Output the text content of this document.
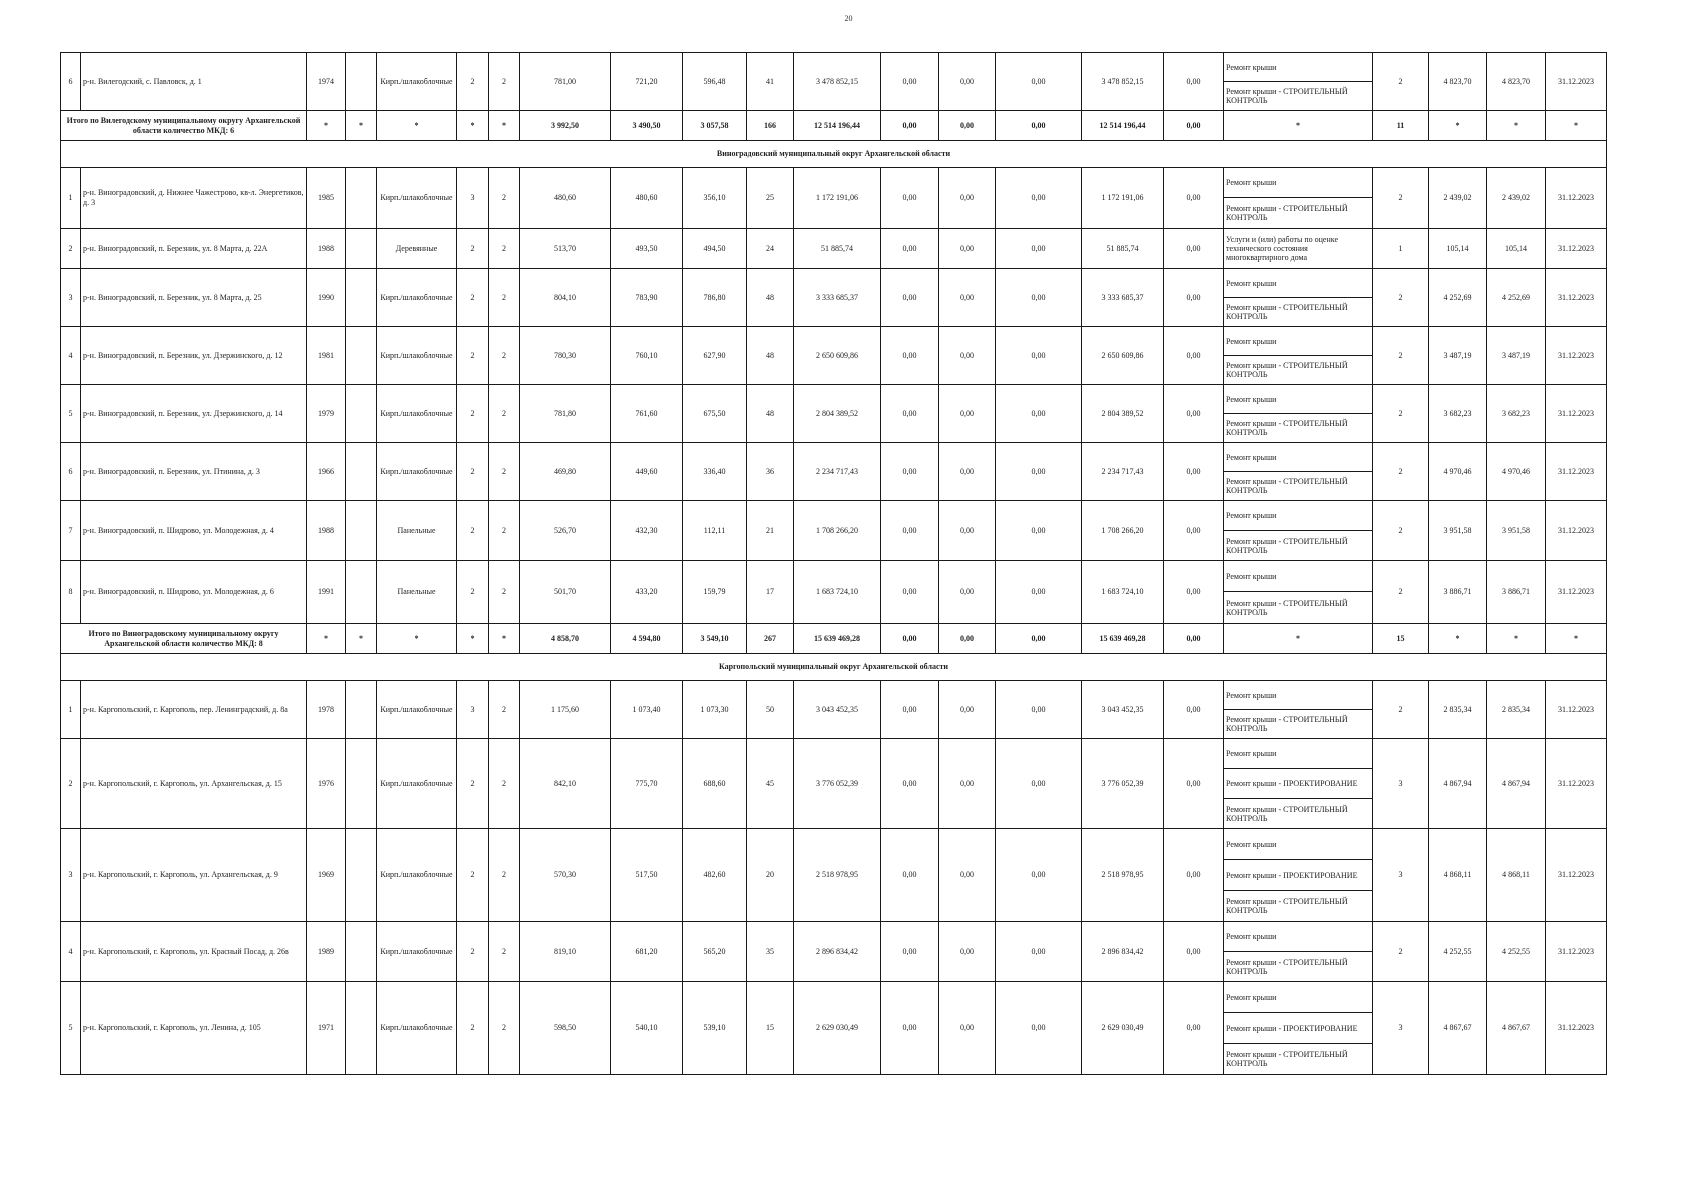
20
6	р-н. Вилегодский, с. Павловск, д. 1	1974		Кирп./шлакоблочные	2	2	781,00	721,20	596,48	41	3 478 852,15	0,00	0,00	0,00	3 478 852,15	0,00	Ремонт крыши	2	4 823,70	4 823,70	31.12.2023
																	Ремонт крыши - СТРОИТЕЛЬНЫЙ КОНТРОЛЬ				
Итого по Вилегодскому муниципальному округу Архангельской области количество МКД: 6		*	*	*	*	*	3 992,50	3 490,50	3 057,58	166	12 514 196,44	0,00	0,00	0,00	12 514 196,44	0,00	*	11	*	*	*
Виноградовский муниципальный округ Архангельской области																					
1	р-н. Виноградовский, д. Нижнее Чажестрово, кв-л. Энергетиков, д. 3	1985		Кирп./шлакоблочные	3	2	480,60	480,60	356,10	25	1 172 191,06	0,00	0,00	0,00	1 172 191,06	0,00	Ремонт крыши	2	2 439,02	2 439,02	31.12.2023
																	Ремонт крыши - СТРОИТЕЛЬНЫЙ КОНТРОЛЬ				
2	р-н. Виноградовский, п. Березник, ул. 8 Марта, д. 22А	1988		Деревянные	2	2	513,70	493,50	494,50	24	51 885,74	0,00	0,00	0,00	51 885,74	0,00	Услуги и (или) работы по оценке технического состояния многоквартирного дома	1	105,14	105,14	31.12.2023
3	р-н. Виноградовский, п. Березник, ул. 8 Марта, д. 25	1990		Кирп./шлакоблочные	2	2	804,10	783,90	786,80	48	3 333 685,37	0,00	0,00	0,00	3 333 685,37	0,00	Ремонт крыши	2	4 252,69	4 252,69	31.12.2023
																	Ремонт крыши - СТРОИТЕЛЬНЫЙ КОНТРОЛЬ				
4	р-н. Виноградовский, п. Березник, ул. Дзержинского, д. 12	1981		Кирп./шлакоблочные	2	2	780,30	760,10	627,90	48	2 650 609,86	0,00	0,00	0,00	2 650 609,86	0,00	Ремонт крыши	2	3 487,19	3 487,19	31.12.2023
																	Ремонт крыши - СТРОИТЕЛЬНЫЙ КОНТРОЛЬ				
5	р-н. Виноградовский, п. Березник, ул. Дзержинского, д. 14	1979		Кирп./шлакоблочные	2	2	781,80	761,60	675,50	48	2 804 389,52	0,00	0,00	0,00	2 804 389,52	0,00	Ремонт крыши	2	3 682,23	3 682,23	31.12.2023
																	Ремонт крыши - СТРОИТЕЛЬНЫЙ КОНТРОЛЬ				
6	р-н. Виноградовский, п. Березник, ул. Птинина, д. 3	1966		Кирп./шлакоблочные	2	2	469,80	449,60	336,40	36	2 234 717,43	0,00	0,00	0,00	2 234 717,43	0,00	Ремонт крыши	2	4 970,46	4 970,46	31.12.2023
																	Ремонт крыши - СТРОИТЕЛЬНЫЙ КОНТРОЛЬ				
7	р-н. Виноградовский, п. Шидрово, ул. Молодежная, д. 4	1988		Панельные	2	2	526,70	432,30	112,11	21	1 708 266,20	0,00	0,00	0,00	1 708 266,20	0,00	Ремонт крыши	2	3 951,58	3 951,58	31.12.2023
																	Ремонт крыши - СТРОИТЕЛЬНЫЙ КОНТРОЛЬ				
8	р-н. Виноградовский, п. Шидрово, ул. Молодежная, д. 6	1991		Панельные	2	2	501,70	433,20	159,79	17	1 683 724,10	0,00	0,00	0,00	1 683 724,10	0,00	Ремонт крыши	2	3 886,71	3 886,71	31.12.2023
																	Ремонт крыши - СТРОИТЕЛЬНЫЙ КОНТРОЛЬ				
Итого по Виноградовскому муниципальному округу Архангельской области количество МКД: 8		*	*	*	*	*	4 858,70	4 594,80	3 549,10	267	15 639 469,28	0,00	0,00	0,00	15 639 469,28	0,00	*	15	*	*	*
Каргопольский муниципальный округ Архангельской области																					
1	р-н. Каргопольский, г. Каргополь, пер. Ленинградский, д. 8а	1978		Кирп./шлакоблочные	3	2	1 175,60	1 073,40	1 073,30	50	3 043 452,35	0,00	0,00	0,00	3 043 452,35	0,00	Ремонт крыши	2	2 835,34	2 835,34	31.12.2023
																	Ремонт крыши - СТРОИТЕЛЬНЫЙ КОНТРОЛЬ				
2	р-н. Каргопольский, г. Каргополь, ул. Архангельская, д. 15	1976		Кирп./шлакоблочные	2	2	842,10	775,70	688,60	45	3 776 052,39	0,00	0,00	0,00	3 776 052,39	0,00	Ремонт крыши	3	4 867,94	4 867,94	31.12.2023
																	Ремонт крыши - ПРОЕКТИРОВАНИЕ				
																	Ремонт крыши - СТРОИТЕЛЬНЫЙ КОНТРОЛЬ				
3	р-н. Каргопольский, г. Каргополь, ул. Архангельская, д. 9	1969		Кирп./шлакоблочные	2	2	570,30	517,50	482,60	20	2 518 978,95	0,00	0,00	0,00	2 518 978,95	0,00	Ремонт крыши	3	4 868,11	4 868,11	31.12.2023
																	Ремонт крыши - ПРОЕКТИРОВАНИЕ				
																	Ремонт крыши - СТРОИТЕЛЬНЫЙ КОНТРОЛЬ				
4	р-н. Каргопольский, г. Каргополь, ул. Красный Посад, д. 26в	1989		Кирп./шлакоблочные	2	2	819,10	681,20	565,20	35	2 896 834,42	0,00	0,00	0,00	2 896 834,42	0,00	Ремонт крыши	2	4 252,55	4 252,55	31.12.2023
																	Ремонт крыши - СТРОИТЕЛЬНЫЙ КОНТРОЛЬ				
5	р-н. Каргопольский, г. Каргополь, ул. Ленина, д. 105	1971		Кирп./шлакоблочные	2	2	598,50	540,10	539,10	15	2 629 030,49	0,00	0,00	0,00	2 629 030,49	0,00	Ремонт крыши	3	4 867,67	4 867,67	31.12.2023
																	Ремонт крыши - ПРОЕКТИРОВАНИЕ				
																	Ремонт крыши - СТРОИТЕЛЬНЫЙ КОНТРОЛЬ				
